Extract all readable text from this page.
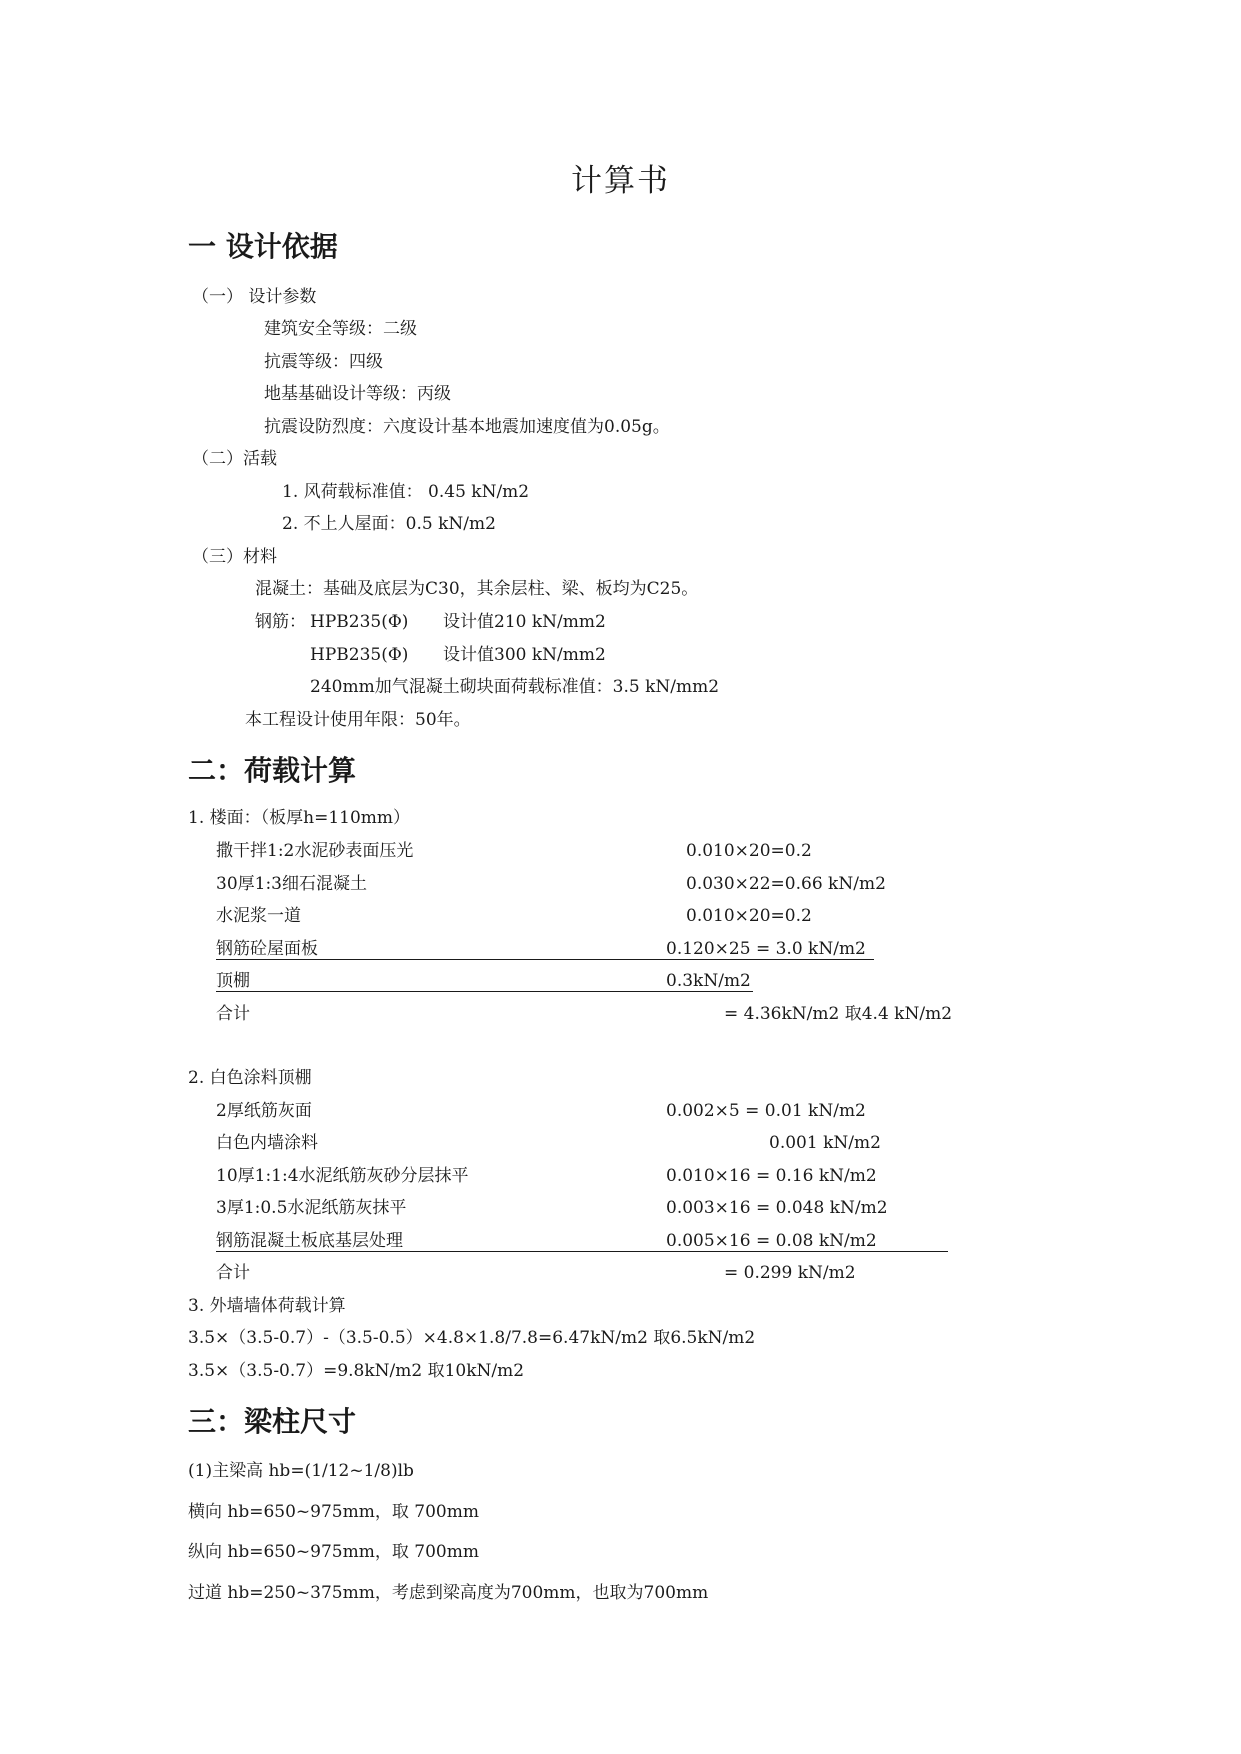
计算书
一 设计依据
（一） 设计参数
建筑安全等级：二级
抗震等级：四级
地基基础设计等级：丙级
抗震设防烈度：六度设计基本地震加速度值为0.05g。
（二）活载
1. 风荷载标准值： 0.45 kN/m2
2. 不上人屋面：0.5 kN/m2
（三）材料
混凝土：基础及底层为C30，其余层柱、梁、板均为C25。
钢筋： HPB235(Φ) 设计值210 kN/mm2
HPB235(Φ) 设计值300 kN/mm2
240mm加气混凝土砌块面荷载标准值：3.5 kN/mm2
本工程设计使用年限：50年。
二：荷载计算
1. 楼面：（板厚h=110mm）
撒干拌1:2水泥砂表面压光	0.010×20=0.2
30厚1:3细石混凝土	0.030×22=0.66 kN/m2
水泥浆一道	0.010×20=0.2
钢筋砼屋面板	0.120×25 = 3.0 kN/m2
顶棚	0.3kN/m2
合计	= 4.36kN/m2 取4.4 kN/m2
2. 白色涂料顶棚
2厚纸筋灰面	0.002×5 = 0.01 kN/m2
白色内墙涂料	0.001 kN/m2
10厚1:1:4水泥纸筋灰砂分层抹平	0.010×16 = 0.16 kN/m2
3厚1:0.5水泥纸筋灰抹平	0.003×16 = 0.048 kN/m2
钢筋混凝土板底基层处理	0.005×16 = 0.08 kN/m2
合计	= 0.299 kN/m2
3. 外墙墙体荷载计算
3.5×（3.5-0.7）-（3.5-0.5）×4.8×1.8/7.8=6.47kN/m2 取6.5kN/m2
3.5×（3.5-0.7）=9.8kN/m2 取10kN/m2
三：梁柱尺寸
(1)主梁高 hb=(1/12~1/8)lb
横向 hb=650~975mm，取 700mm
纵向 hb=650~975mm，取 700mm
过道 hb=250~375mm，考虑到梁高度为700mm，也取为700mm
